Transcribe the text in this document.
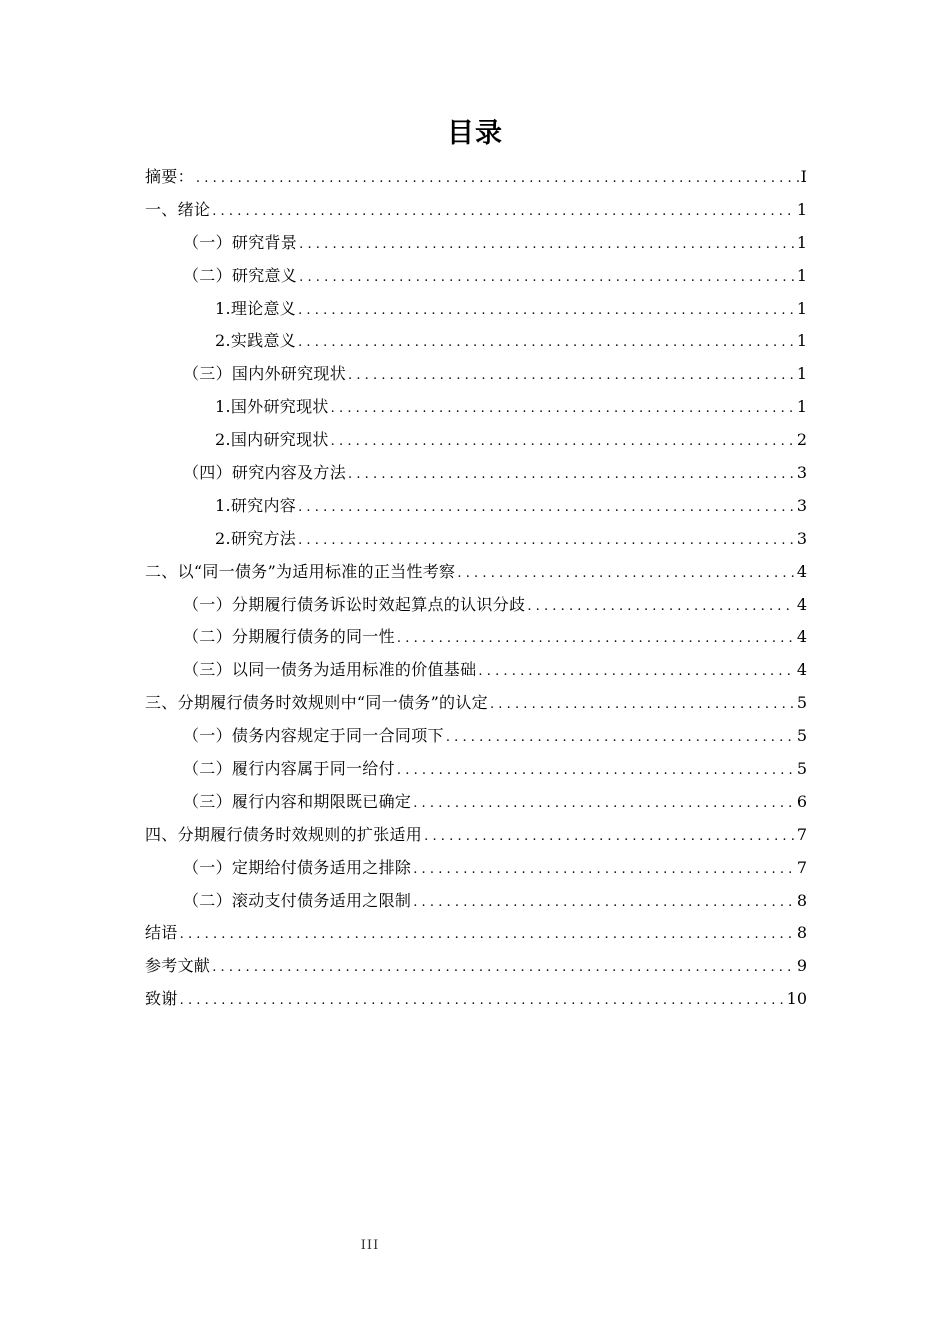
目录
摘要： .....	I
一、绪论 .....	1
（一）研究背景 .....	1
（二）研究意义 .....	1
1.理论意义 .....	1
2.实践意义 .....	1
（三）国内外研究现状 .....	1
1.国外研究现状 .....	1
2.国内研究现状 .....	2
（四）研究内容及方法 .....	3
1.研究内容 .....	3
2.研究方法 .....	3
二、以“同一债务”为适用标准的正当性考察 .....	4
（一）分期履行债务诉讼时效起算点的认识分歧 .....	4
（二）分期履行债务的同一性 .....	4
（三）以同一债务为适用标准的价值基础 .....	4
三、分期履行债务时效规则中“同一债务”的认定 .....	5
（一）债务内容规定于同一合同项下 .....	5
（二）履行内容属于同一给付 .....	5
（三）履行内容和期限既已确定 .....	6
四、分期履行债务时效规则的扩张适用 .....	7
（一）定期给付债务适用之排除 .....	7
（二）滚动支付债务适用之限制 .....	8
结语 .....	8
参考文献 .....	9
致谢 .....	10
III
